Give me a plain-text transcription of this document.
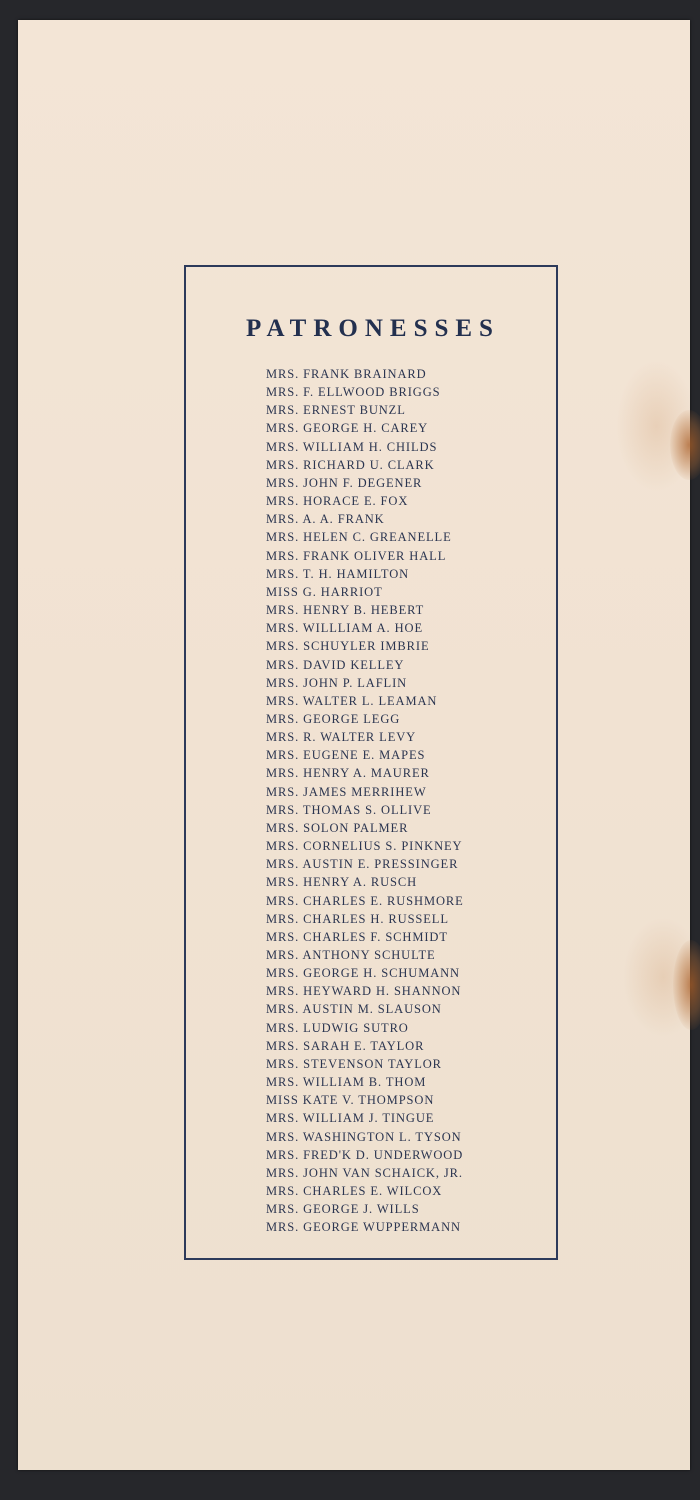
PATRONESSES
MRS. FRANK BRAINARD
MRS. F. ELLWOOD BRIGGS
MRS. ERNEST BUNZL
MRS. GEORGE H. CAREY
MRS. WILLIAM H. CHILDS
MRS. RICHARD U. CLARK
MRS. JOHN F. DEGENER
MRS. HORACE E. FOX
MRS. A. A. FRANK
MRS. HELEN C. GREANELLE
MRS. FRANK OLIVER HALL
MRS. T. H. HAMILTON
MISS G. HARRIOT
MRS. HENRY B. HEBERT
MRS. WILLLIAM A. HOE
MRS. SCHUYLER IMBRIE
MRS. DAVID KELLEY
MRS. JOHN P. LAFLIN
MRS. WALTER L. LEAMAN
MRS. GEORGE LEGG
MRS. R. WALTER LEVY
MRS. EUGENE E. MAPES
MRS. HENRY A. MAURER
MRS. JAMES MERRIHEW
MRS. THOMAS S. OLLIVE
MRS. SOLON PALMER
MRS. CORNELIUS S. PINKNEY
MRS. AUSTIN E. PRESSINGER
MRS. HENRY A. RUSCH
MRS. CHARLES E. RUSHMORE
MRS. CHARLES H. RUSSELL
MRS. CHARLES F. SCHMIDT
MRS. ANTHONY SCHULTE
MRS. GEORGE H. SCHUMANN
MRS. HEYWARD H. SHANNON
MRS. AUSTIN M. SLAUSON
MRS. LUDWIG SUTRO
MRS. SARAH E. TAYLOR
MRS. STEVENSON TAYLOR
MRS. WILLIAM B. THOM
MISS KATE V. THOMPSON
MRS. WILLIAM J. TINGUE
MRS. WASHINGTON L. TYSON
MRS. FRED'K D. UNDERWOOD
MRS. JOHN VAN SCHAICK, JR.
MRS. CHARLES E. WILCOX
MRS. GEORGE J. WILLS
MRS. GEORGE WUPPERMANN
